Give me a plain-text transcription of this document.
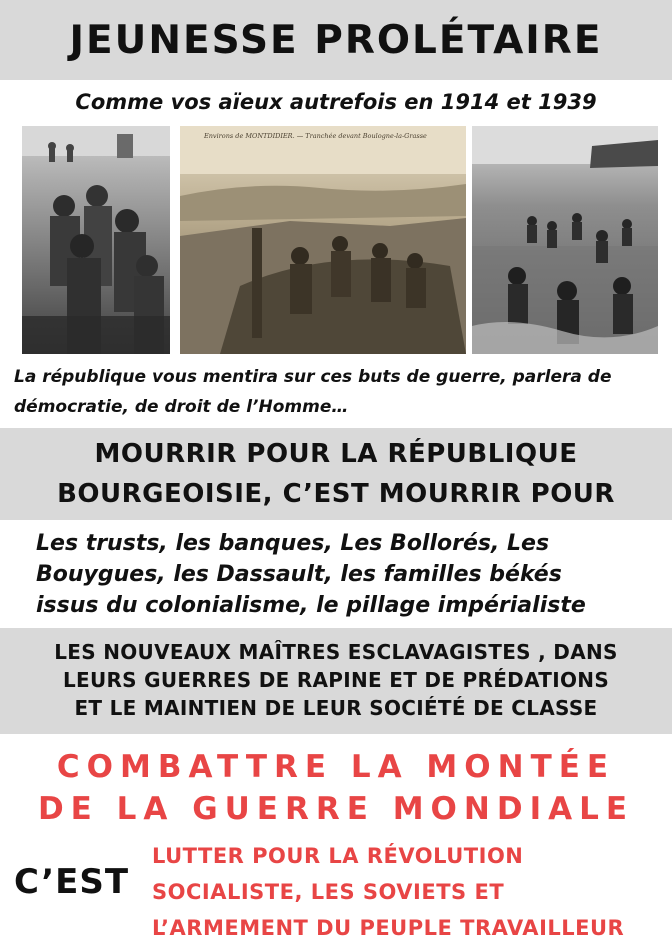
JEUNESSE PROLÉTAIRE
Comme vos aïeux autrefois en 1914 et 1939
Environs de MONTDIDIER. — Tranchée devant Boulogne-la-Grasse
La république vous mentira sur ces buts de guerre, parlera de démocratie, de droit de l’Homme…
MOURRIR POUR LA RÉPUBLIQUE
BOURGEOISIE, C’EST MOURRIR POUR
Les trusts, les banques, Les Bollorés, Les
Bouygues, les Dassault, les familles békés
issus du colonialisme, le pillage impérialiste
LES NOUVEAUX MAÎTRES ESCLAVAGISTES , DANS
LEURS GUERRES DE RAPINE ET DE PRÉDATIONS
ET LE MAINTIEN DE LEUR SOCIÉTÉ DE CLASSE
COMBATTRE LA MONTÉE
DE LA GUERRE MONDIALE
C’EST
LUTTER POUR LA RÉVOLUTION
SOCIALISTE, LES SOVIETS ET
L’ARMEMENT DU PEUPLE TRAVAILLEUR
